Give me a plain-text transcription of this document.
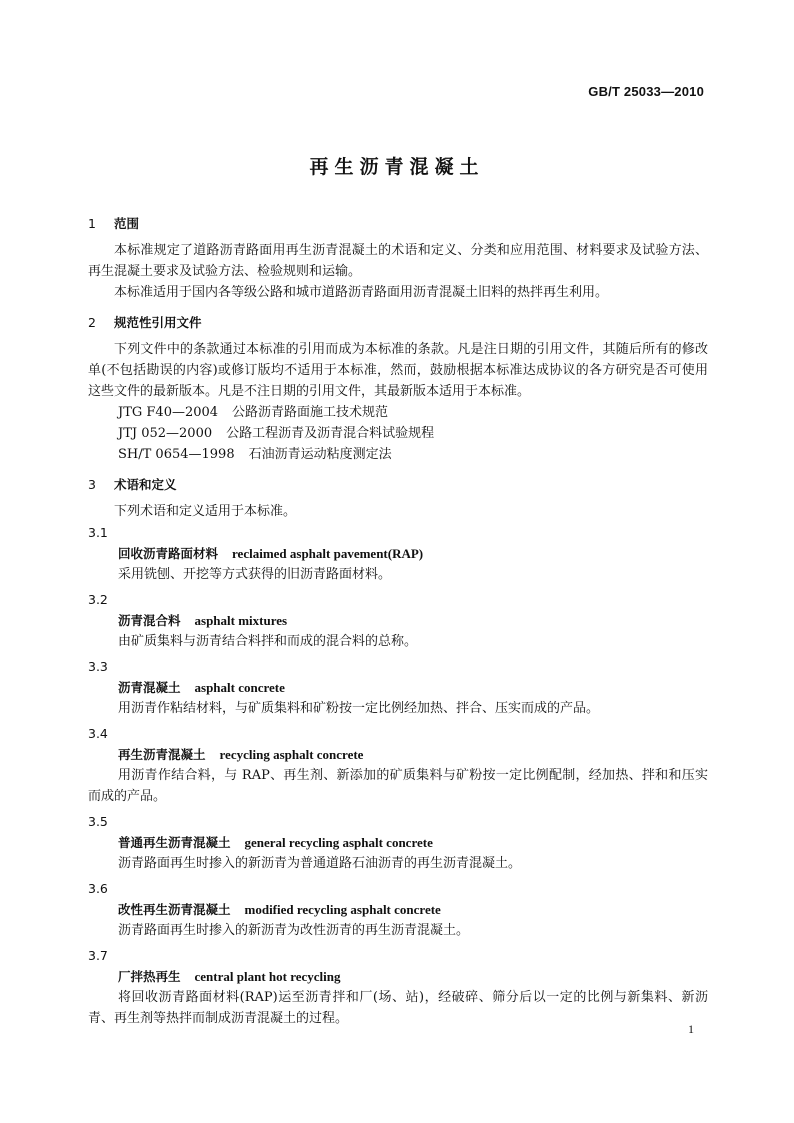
GB/T 25033—2010
再生沥青混凝土
1 范围

本标准规定了道路沥青路面用再生沥青混凝土的术语和定义、分类和应用范围、材料要求及试验方法、再生混凝土要求及试验方法、检验规则和运输。

本标准适用于国内各等级公路和城市道路沥青路面用沥青混凝土旧料的热拌再生利用。

2 规范性引用文件

下列文件中的条款通过本标准的引用而成为本标准的条款。凡是注日期的引用文件，其随后所有的修改单(不包括勘误的内容)或修订版均不适用于本标准，然而，鼓励根据本标准达成协议的各方研究是否可使用这些文件的最新版本。凡是不注日期的引用文件，其最新版本适用于本标准。

JTG F40—2004 公路沥青路面施工技术规范
JTJ 052—2000 公路工程沥青及沥青混合料试验规程
SH/T 0654—1998 石油沥青运动粘度测定法
3 术语和定义

下列术语和定义适用于本标准。

3.1
回收沥青路面材料 reclaimed asphalt pavement(RAP)

采用铣刨、开挖等方式获得的旧沥青路面材料。

3.2
沥青混合料 asphalt mixtures

由矿质集料与沥青结合料拌和而成的混合料的总称。

3.3
沥青混凝土 asphalt concrete

用沥青作粘结材料，与矿质集料和矿粉按一定比例经加热、拌合、压实而成的产品。

3.4
再生沥青混凝土 recycling asphalt concrete

用沥青作结合料，与 RAP、再生剂、新添加的矿质集料与矿粉按一定比例配制，经加热、拌和和压实而成的产品。

3.5
普通再生沥青混凝土 general recycling asphalt concrete

沥青路面再生时掺入的新沥青为普通道路石油沥青的再生沥青混凝土。

3.6
改性再生沥青混凝土 modified recycling asphalt concrete

沥青路面再生时掺入的新沥青为改性沥青的再生沥青混凝土。

3.7
厂拌热再生 central plant hot recycling

将回收沥青路面材料(RAP)运至沥青拌和厂(场、站)，经破碎、筛分后以一定的比例与新集料、新沥青、再生剂等热拌而制成沥青混凝土的过程。

1
